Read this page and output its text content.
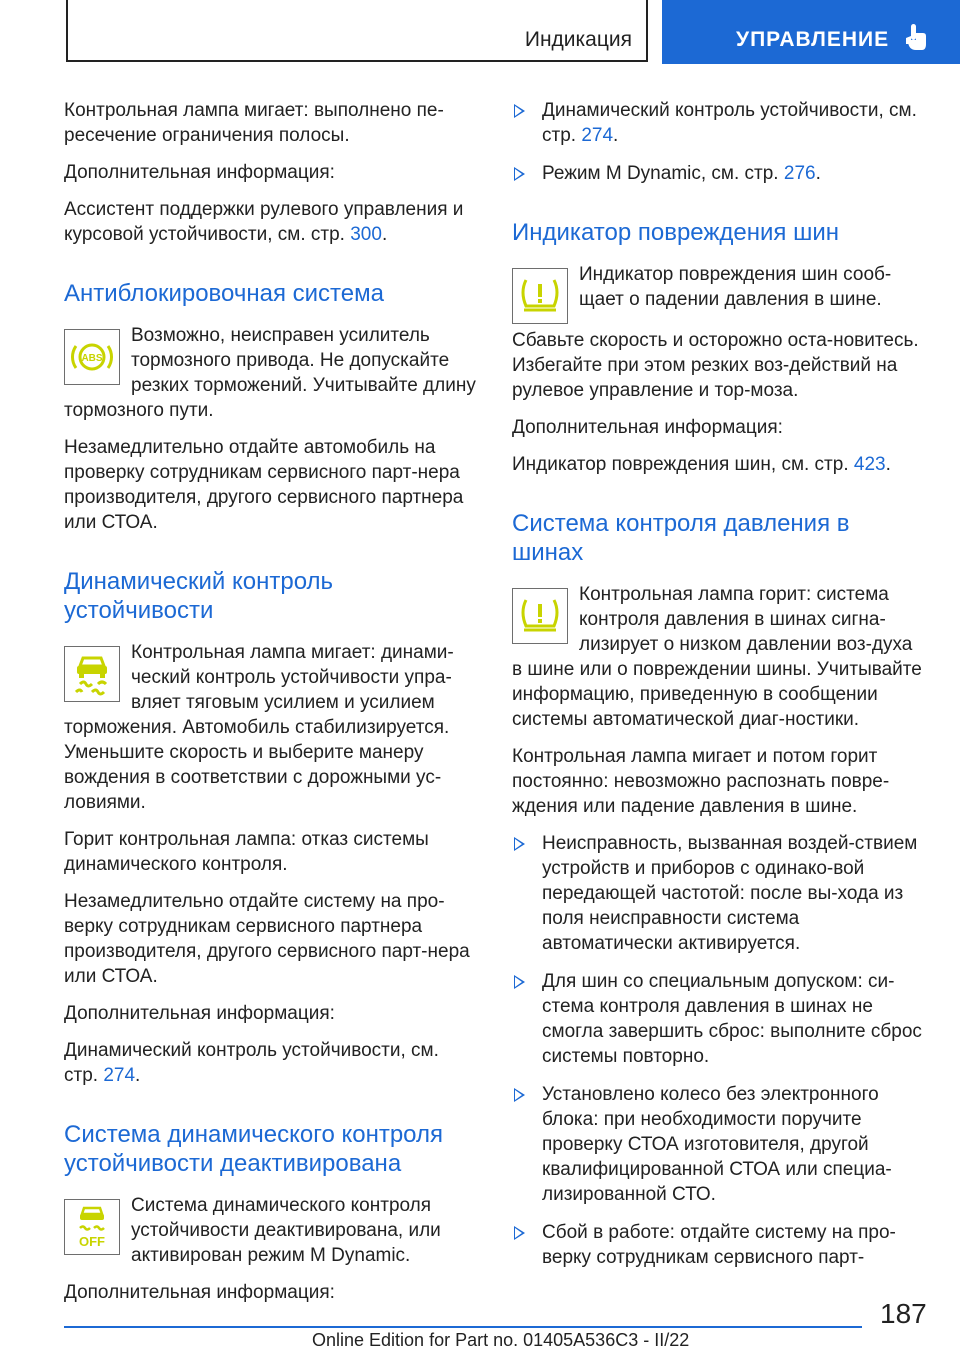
Индикация	УПРАВЛЕНИЕ

Контрольная лампа мигает: выполнено пе-ресечение ограничения полосы.

Дополнительная информация:

Ассистент поддержки рулевого управления и курсовой устойчивости, см. стр. 300.

Антиблокировочная система
ABS

Возможно, неисправен усилитель тормозного привода. Не допускайте резких торможений. Учитывайте длину тормозного пути.

Незамедлительно отдайте автомобиль на проверку сотрудникам сервисного парт-нера производителя, другого сервисного партнера или СТОА.

Динамический контроль устойчивости

Контрольная лампа мигает: динами-ческий контроль устойчивости упра-вляет тяговым усилием и усилием торможения. Автомобиль стабилизируется. Уменьшите скорость и выберите манеру вождения в соответствии с дорожными ус-ловиями.

Горит контрольная лампа: отказ системы динамического контроля.

Незамедлительно отдайте систему на про-верку сотрудникам сервисного партнера производителя, другого сервисного парт-нера или СТОА.

Дополнительная информация:

Динамический контроль устойчивости, см. стр. 274.

Система динамического контроля устойчивости деактивирована
OFF

Система динамического контроля устойчивости деактивирована, или активирован режим M Dynamic.

Дополнительная информация:

Динамический контроль устойчивости, см. стр. 274.
Режим M Dynamic, см. стр. 276.
Индикатор повреждения шин

Индикатор повреждения шин сооб-щает о падении давления в шине.

Сбавьте скорость и осторожно оста-новитесь. Избегайте при этом резких воз-действий на рулевое управление и тор-моза.

Дополнительная информация:

Индикатор повреждения шин, см. стр. 423.

Система контроля давления в шинах

Контрольная лампа горит: система контроля давления в шинах сигна-лизирует о низком давлении воз-духа в шине или о повреждении шины. Учитывайте информацию, приведенную в сообщении системы автоматической диаг-ностики.

Контрольная лампа мигает и потом горит постоянно: невозможно распознать повре-ждения или падение давления в шине.

Неисправность, вызванная воздей-ствием устройств и приборов с одинако-вой передающей частотой: после вы-хода из поля неисправности система автоматически активируется.
Для шин со специальным допуском: си-стема контроля давления в шинах не смогла завершить сброс: выполните сброс системы повторно.
Установлено колесо без электронного блока: при необходимости поручите проверку СТОА изготовителя, другой квалифицированной СТОА или специа-лизированной СТО.
Сбой в работе: отдайте систему на про-верку сотрудникам сервисного парт-
187
Online Edition for Part no. 01405A536C3 - II/22
